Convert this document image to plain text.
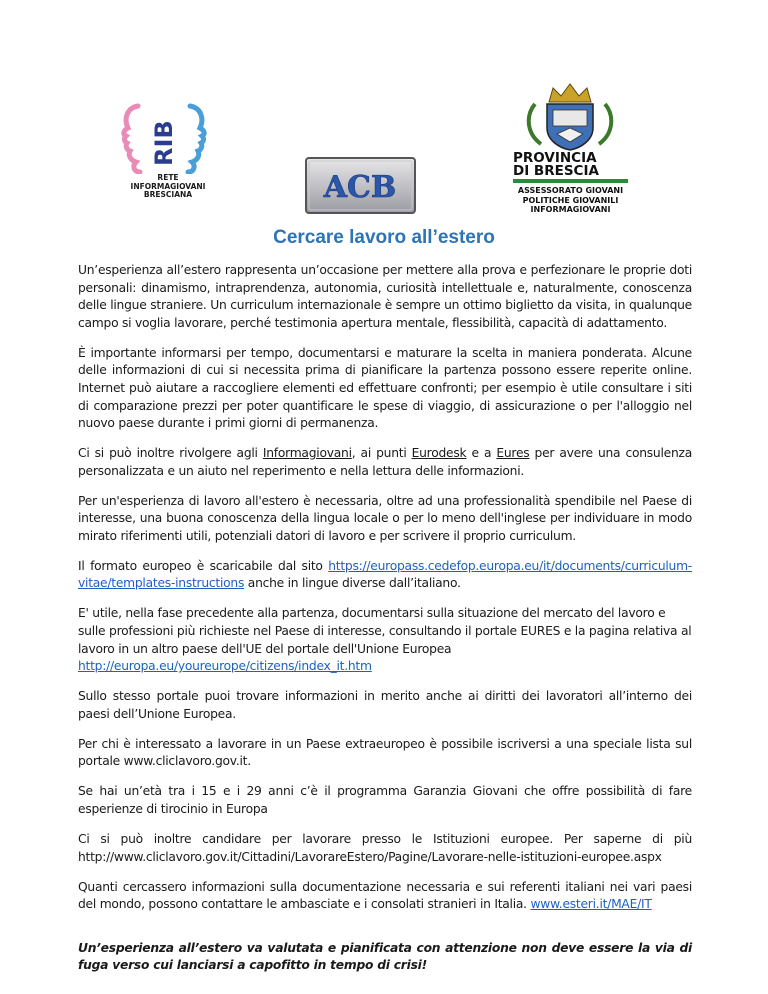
RIB
RETE
INFORMAGIOVANI
BRESCIANA	ACB
PROVINCIA
DI BRESCIA
ASSESSORATO GIOVANI
POLITICHE GIOVANILI
INFORMAGIOVANI
Cercare lavoro all’estero

Un’esperienza all’estero rappresenta un’occasione per mettere alla prova e perfezionare le proprie doti personali: dinamismo, intraprendenza, autonomia, curiosità intellettuale e, naturalmente, conoscenza delle lingue straniere. Un curriculum internazionale è sempre un ottimo biglietto da visita, in qualunque campo si voglia lavorare, perché testimonia apertura mentale, flessibilità, capacità di adattamento.

È importante informarsi per tempo, documentarsi e maturare la scelta in maniera ponderata. Alcune delle informazioni di cui si necessita prima di pianificare la partenza possono essere reperite online. Internet può aiutare a raccogliere elementi ed effettuare confronti; per esempio è utile consultare i siti di comparazione prezzi per poter quantificare le spese di viaggio, di assicurazione o per l'alloggio nel nuovo paese durante i primi giorni di permanenza.

Ci si può inoltre rivolgere agli Informagiovani, ai punti Eurodesk e a Eures per avere una consulenza personalizzata e un aiuto nel reperimento e nella lettura delle informazioni.

Per un'esperienza di lavoro all'estero è necessaria, oltre ad una professionalità spendibile nel Paese di interesse, una buona conoscenza della lingua locale o per lo meno dell'inglese per individuare in modo mirato riferimenti utili, potenziali datori di lavoro e per scrivere il proprio curriculum.

Il formato europeo è scaricabile dal sito https://europass.cedefop.europa.eu/it/documents/curriculum-vitae/templates-instructions anche in lingue diverse dall’italiano.

E' utile, nella fase precedente alla partenza, documentarsi sulla situazione del mercato del lavoro e sulle professioni più richieste nel Paese di interesse, consultando il portale EURES e la pagina relativa al lavoro in un altro paese dell'UE del portale dell'Unione Europea http://europa.eu/youreurope/citizens/index_it.htm

Sullo stesso portale puoi trovare informazioni in merito anche ai diritti dei lavoratori all’interno dei paesi dell’Unione Europea.

Per chi è interessato a lavorare in un Paese extraeuropeo è possibile iscriversi a una speciale lista sul portale www.cliclavoro.gov.it.

Se hai un’età tra i 15 e i 29 anni c’è il programma Garanzia Giovani che offre possibilità di fare esperienze di tirocinio in Europa

Ci si può inoltre candidare per lavorare presso le Istituzioni europee. Per saperne di più http://www.cliclavoro.gov.it/Cittadini/LavorareEstero/Pagine/Lavorare-nelle-istituzioni-europee.aspx

Quanti cercassero informazioni sulla documentazione necessaria e sui referenti italiani nei vari paesi del mondo, possono contattare le ambasciate e i consolati stranieri in Italia. www.esteri.it/MAE/IT

Un’esperienza all’estero va valutata e pianificata con attenzione non deve essere la via di fuga verso cui lanciarsi a capofitto in tempo di crisi!
